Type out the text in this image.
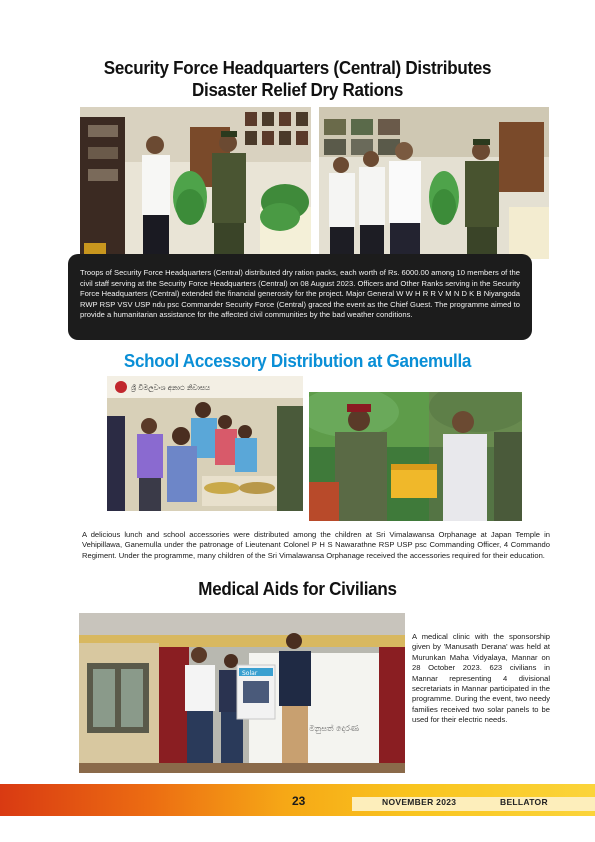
Security Force Headquarters (Central) Distributes
Disaster Relief Dry Rations
Troops of Security Force Headquarters (Central) distributed dry ration packs, each worth of Rs. 6000.00 among 10 members of the civil staff serving at the Security Force Headquarters (Central) on 08 August 2023. Officers and Other Ranks serving in the Security Force Headquarters (Central) extended the financial generosity for the project. Major General W W H R R V M N D K B Niyangoda RWP RSP VSV USP ndu psc Commander Security Force (Central) graced the event as the Chief Guest. The programme aimed to provide a humanitarian assistance for the affected civil communities by the bad weather conditions.
School Accessory Distribution at Ganemulla
ශ්‍රී විමලවංශ අනාථ නිවාසය
A delicious lunch and school accessories were distributed among the children at Sri Vimalawansa Orphanage at Japan Temple in Vehipillawa, Ganemulla under the patronage of Lieutenant Colonel P H S Nawarathne RSP USP psc Commanding Officer, 4 Commando Regiment. Under the programme, many children of the Sri Vimalawansa Orphanage received the accessories required for their education.
Medical Aids for Civilians
මනුසත් දෙරණ
Solar
A medical clinic with the sponsorship given by 'Manusath Derana' was held at Murunkan Maha Vidyalaya, Mannar on 28 October 2023. 623 civilians in Mannar representing 4 divisional secretariats in Mannar participated in the programme. During the event, two needy families received two solar panels to be used for their electric needs.
23	NOVEMBER 2023	BELLATOR
